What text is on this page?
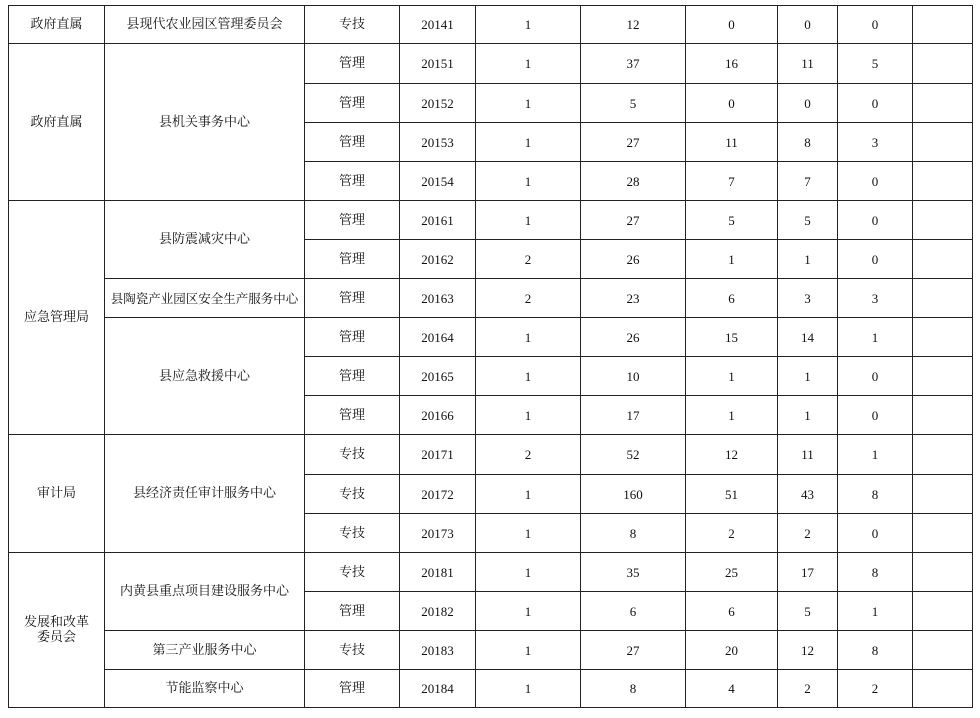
政府直属	县现代农业园区管理委员会	专技	20141	1	12	0	0	0	
政府直属	县机关事务中心	管理	20151	1	37	16	11	5	
		管理	20152	1	5	0	0	0	
		管理	20153	1	27	11	8	3	
		管理	20154	1	28	7	7	0	
应急管理局	县防震减灾中心	管理	20161	1	27	5	5	0	
		管理	20162	2	26	1	1	0	
	县陶瓷产业园区安全生产服务中心	管理	20163	2	23	6	3	3	
	县应急救援中心	管理	20164	1	26	15	14	1	
		管理	20165	1	10	1	1	0	
		管理	20166	1	17	1	1	0	
审计局	县经济责任审计服务中心	专技	20171	2	52	12	11	1	
		专技	20172	1	160	51	43	8	
		专技	20173	1	8	2	2	0	
发展和改革委员会	内黄县重点项目建设服务中心	专技	20181	1	35	25	17	8	
		管理	20182	1	6	6	5	1	
	第三产业服务中心	专技	20183	1	27	20	12	8	
	节能监察中心	管理	20184	1	8	4	2	2	
